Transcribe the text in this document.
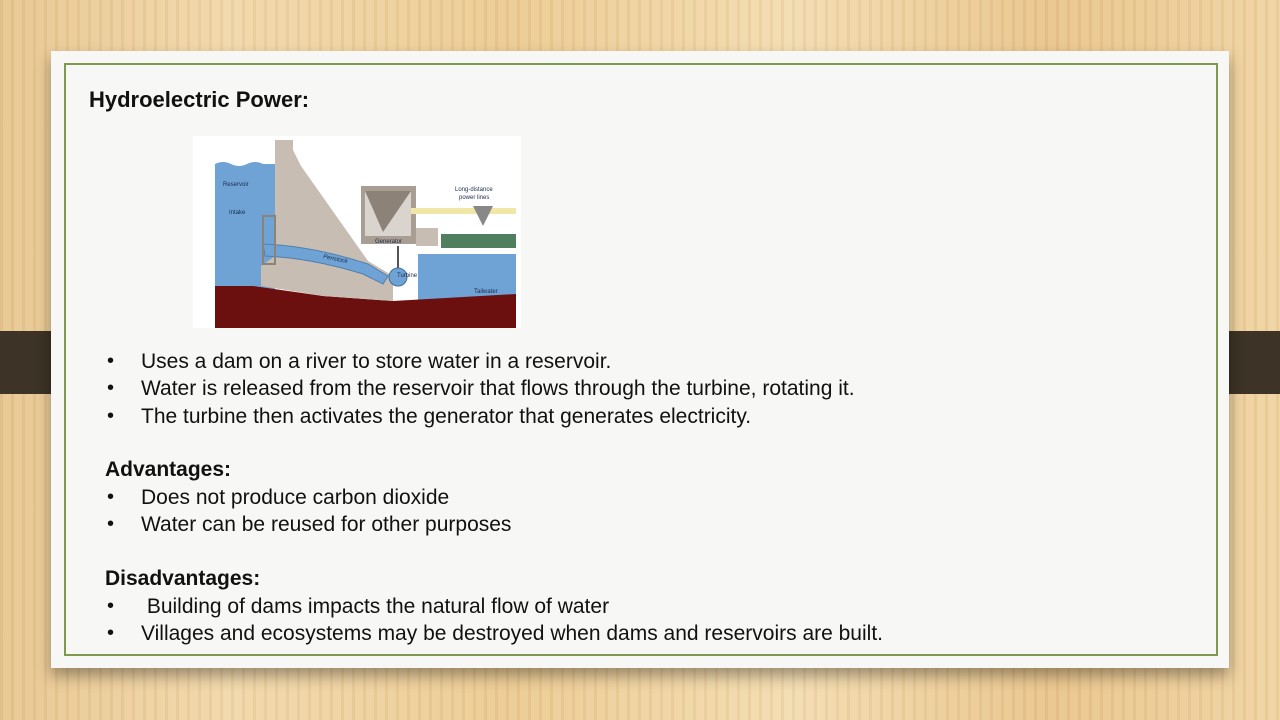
Hydroelectric Power:
Reservoir
Intake
Penstock
Generator
Turbine
Long-distance
power lines
Tailwater
• Uses a dam on a river to store water in a reservoir.
• Water is released from the reservoir that flows through the turbine, rotating it.
• The turbine then activates the generator that generates electricity.
Advantages:
• Does not produce carbon dioxide
• Water can be reused for other purposes
Disadvantages:
• Building of dams impacts the natural flow of water
• Villages and ecosystems may be destroyed when dams and reservoirs are built.
